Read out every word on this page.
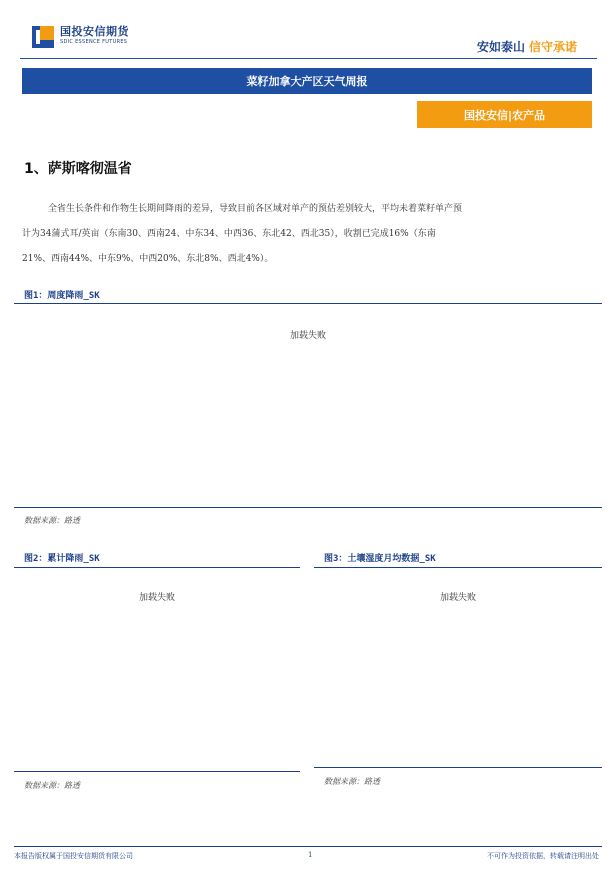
国投安信期货
SDIC ESSENCE FUTURES	安如泰山 信守承诺
菜籽加拿大产区天气周报
国投安信|农产品
1、萨斯喀彻温省

全省生长条件和作物生长期间降雨的差异，导致目前各区域对单产的预估差别较大，平均未着菜籽单产预

计为34蒲式耳/英亩（东南30、西南24、中东34、中西36、东北42、西北35），收割已完成16%（东南

21%、西南44%、中东9%、中西20%、东北8%、西北4%）。

图1：周度降雨_SK
加载失败
数据来源：路透
图2：累计降雨_SK
加载失败
数据来源：路透
图3：土壤湿度月均数据_SK
加载失败
数据来源：路透
本报告版权属于国投安信期货有限公司	1	不可作为投资依据，转载请注明出处
